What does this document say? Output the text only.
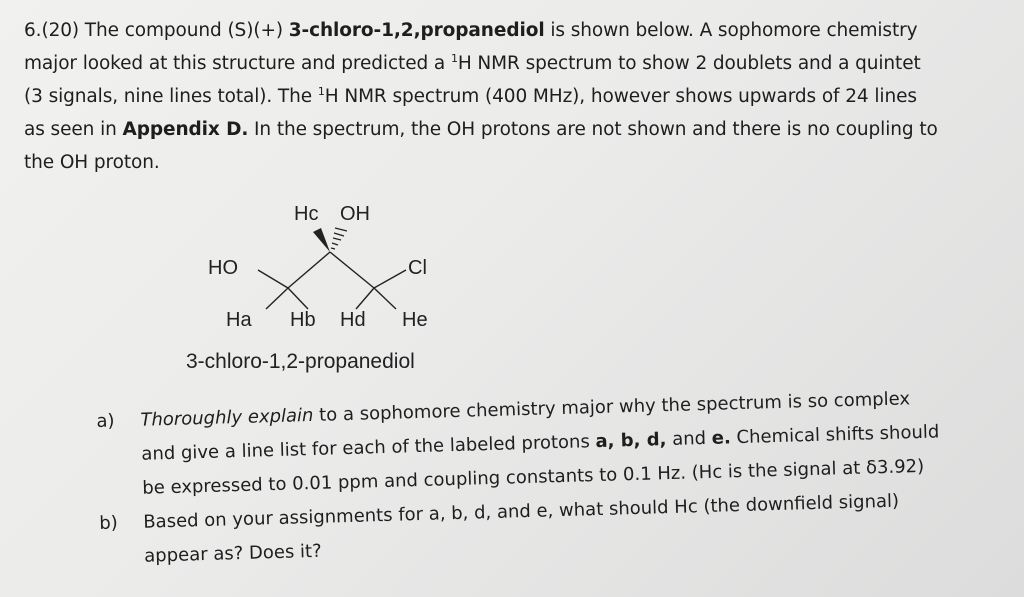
6.(20) The compound (S)(+) 3-chloro-1,2,propanediol is shown below. A sophomore chemistry
major looked at this structure and predicted a $^1$H NMR spectrum to show 2 doublets and a quintet
(3 signals, nine lines total). The $^1$H NMR spectrum (400 MHz), however shows upwards of 24 lines
as seen in Appendix D. In the spectrum, the OH protons are not shown and there is no coupling to
the OH proton.
Hc OH
HO	Cl
Ha Hb Hd He
3-chloro-1,2-propanediol
a) Thoroughly explain to a sophomore chemistry major why the spectrum is so complex
and give a line list for each of the labeled protons a, b, d, and e. Chemical shifts should
be expressed to 0.01 ppm and coupling constants to 0.1 Hz. (Hc is the signal at δ3.92)
b) Based on your assignments for a, b, d, and e, what should Hc (the downfield signal)
appear as? Does it?
